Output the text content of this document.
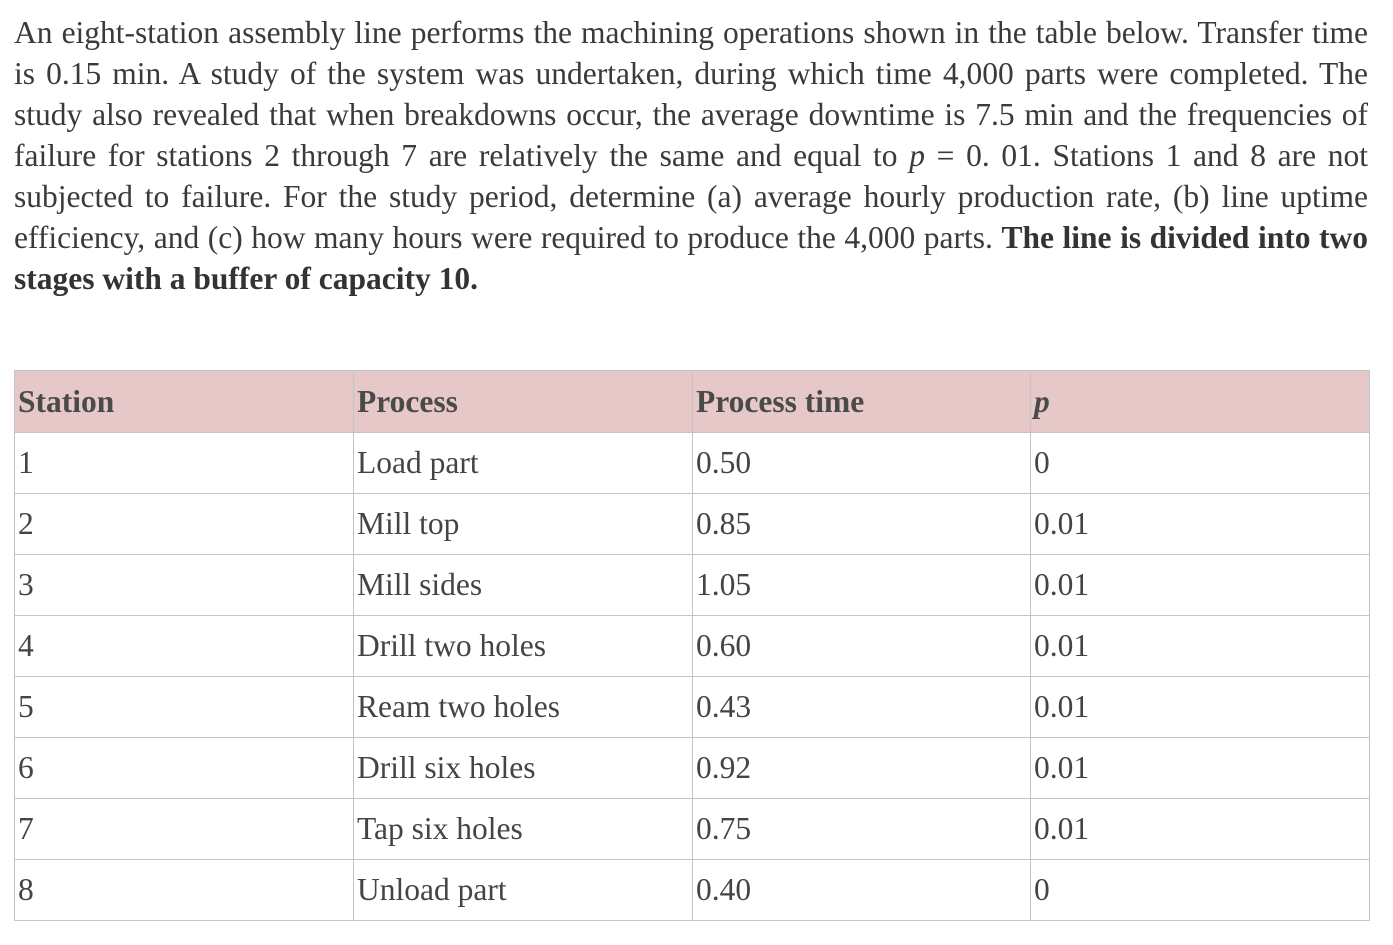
An eight-station assembly line performs the machining operations shown in the table below. Transfer time is 0.15 min. A study of the system was undertaken, during which time 4,000 parts were completed. The study also revealed that when breakdowns occur, the average downtime is 7.5 min and the frequencies of failure for stations 2 through 7 are relatively the same and equal to p = 0. 01. Stations 1 and 8 are not subjected to failure. For the study period, determine (a) average hourly production rate, (b) line uptime efficiency, and (c) how many hours were required to produce the 4,000 parts. The line is divided into two stages with a buffer of capacity 10.

Station	Process	Process time	p
1	Load part	0.50	0
2	Mill top	0.85	0.01
3	Mill sides	1.05	0.01
4	Drill two holes	0.60	0.01
5	Ream two holes	0.43	0.01
6	Drill six holes	0.92	0.01
7	Tap six holes	0.75	0.01
8	Unload part	0.40	0
